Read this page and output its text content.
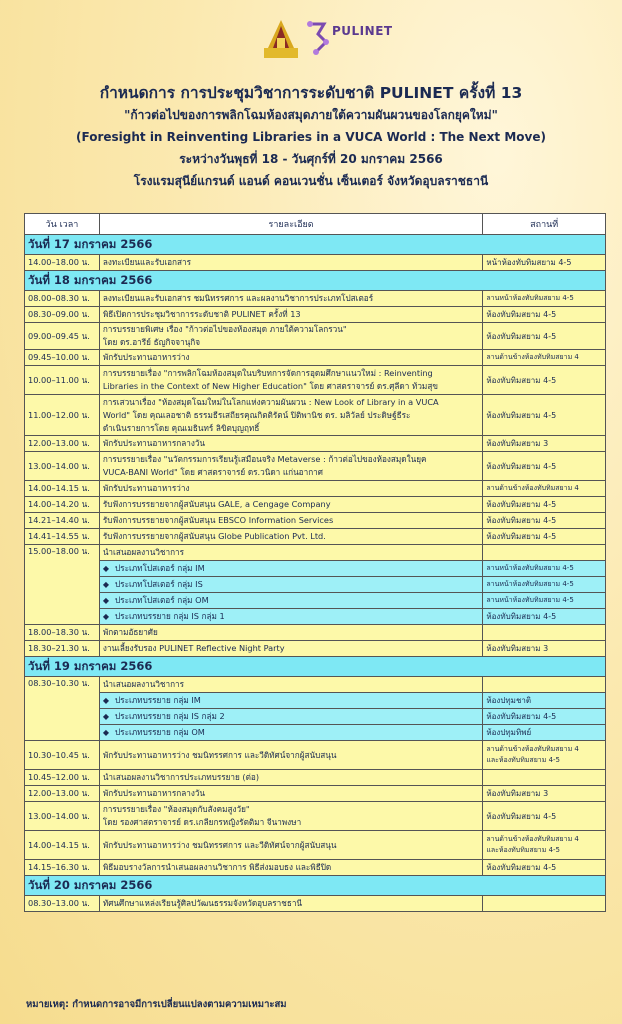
PULINET
กำหนดการ การประชุมวิชาการระดับชาติ PULINET ครั้งที่ 13
"ก้าวต่อไปของการพลิกโฉมห้องสมุดภายใต้ความผันผวนของโลกยุคใหม่"
(Foresight in Reinventing Libraries in a VUCA World : The Next Move)
ระหว่างวันพุธที่ 18 - วันศุกร์ที่ 20 มกราคม 2566
โรงแรมสุนีย์แกรนด์ แอนด์ คอนเวนชั่น เซ็นเตอร์ จังหวัดอุบลราชธานี
วัน เวลา	รายละเอียด	สถานที่
วันที่ 17 มกราคม 2566		
14.00–18.00 น.	ลงทะเบียนและรับเอกสาร	หน้าห้องทับทิมสยาม 4-5
วันที่ 18 มกราคม 2566		
08.00–08.30 น.	ลงทะเบียนและรับเอกสาร ชมนิทรรศการ และผลงานวิชาการประเภทโปสเตอร์	ลานหน้าห้องทับทิมสยาม 4-5
08.30–09.00 น.	พิธีเปิดการประชุมวิชาการระดับชาติ PULINET ครั้งที่ 13	ห้องทับทิมสยาม 4-5
09.00–09.45 น.	การบรรยายพิเศษ เรื่อง "ก้าวต่อไปของห้องสมุด ภายใต้ความโลกรวน"
โดย ดร.อารีย์ ธัญกิจจานุกิจ	ห้องทับทิมสยาม 4-5
09.45–10.00 น.	พักรับประทานอาหารว่าง	ลานด้านข้างห้องทับทิมสยาม 4
10.00–11.00 น.	การบรรยายเรื่อง "การพลิกโฉมห้องสมุดในบริบทการจัดการอุดมศึกษาแนวใหม่ : Reinventing
Libraries in the Context of New Higher Education" โดย ศาสตราจารย์ ดร.ศุลีดา ท้วมสุข	ห้องทับทิมสยาม 4-5
11.00–12.00 น.	การเสวนาเรื่อง "ห้องสมุดโฉมใหม่ในโลกแห่งความผันผวน : New Look of Library in a VUCA
World" โดย คุณเลอชาติ ธรรมธีรเสถียรคุณกิตติรัตน์ ปิติพานิช ดร. มลิวัลย์ ประดิษฐ์ธีระ
ดำเนินรายการโดย คุณเมธินทร์ ลิขิตบุญฤทธิ์	ห้องทับทิมสยาม 4-5
12.00–13.00 น.	พักรับประทานอาหารกลางวัน	ห้องทับทิมสยาม 3
13.00–14.00 น.	การบรรยายเรื่อง "นวัตกรรมการเรียนรู้เสมือนจริง Metaverse : ก้าวต่อไปของห้องสมุดในยุค
VUCA-BANI World" โดย ศาสตราจารย์ ดร.วนิดา แก่นอากาศ	ห้องทับทิมสยาม 4-5
14.00–14.15 น.	พักรับประทานอาหารว่าง	ลานด้านข้างห้องทับทิมสยาม 4
14.00–14.20 น.	รับฟังการบรรยายจากผู้สนับสนุน GALE, a Cengage Company	ห้องทับทิมสยาม 4-5
14.21–14.40 น.	รับฟังการบรรยายจากผู้สนับสนุน EBSCO Information Services	ห้องทับทิมสยาม 4-5
14.41–14.55 น.	รับฟังการบรรยายจากผู้สนับสนุน Globe Publication Pvt. Ltd.	ห้องทับทิมสยาม 4-5
15.00–18.00 น.	นำเสนอผลงานวิชาการ	
	◆ ประเภทโปสเตอร์ กลุ่ม IM	ลานหน้าห้องทับทิมสยาม 4-5
	◆ ประเภทโปสเตอร์ กลุ่ม IS	ลานหน้าห้องทับทิมสยาม 4-5
	◆ ประเภทโปสเตอร์ กลุ่ม OM	ลานหน้าห้องทับทิมสยาม 4-5
	◆ ประเภทบรรยาย กลุ่ม IS กลุ่ม 1	ห้องทับทิมสยาม 4-5
18.00–18.30 น.	พักตามอัธยาศัย	
18.30–21.30 น.	งานเลี้ยงรับรอง PULINET Reflective Night Party	ห้องทับทิมสยาม 3
วันที่ 19 มกราคม 2566		
08.30–10.30 น.	นำเสนอผลงานวิชาการ	
	◆ ประเภทบรรยาย กลุ่ม IM	ห้องปทุมชาติ
	◆ ประเภทบรรยาย กลุ่ม IS กลุ่ม 2	ห้องทับทิมสยาม 4-5
	◆ ประเภทบรรยาย กลุ่ม OM	ห้องปทุมทิพย์
10.30–10.45 น.	พักรับประทานอาหารว่าง ชมนิทรรศการ และวีดิทัศน์จากผู้สนับสนุน	ลานด้านข้างห้องทับทิมสยาม 4
และห้องทับทิมสยาม 4-5

10.45–12.00 น.	นำเสนอผลงานวิชาการประเภทบรรยาย (ต่อ)	
12.00–13.00 น.	พักรับประทานอาหารกลางวัน	ห้องทับทิมสยาม 3
13.00–14.00 น.	การบรรยายเรื่อง "ห้องสมุดกับสังคมสูงวัย"
โดย รองศาสตราจารย์ ดร.เกลียกรหญิงรัตติมา จีนาพงษา	ห้องทับทิมสยาม 4-5
14.00–14.15 น.	พักรับประทานอาหารว่าง ชมนิทรรศการ และวีดิทัศน์จากผู้สนับสนุน	ลานด้านข้างห้องทับทิมสยาม 4
และห้องทับทิมสยาม 4-5

14.15–16.30 น.	พิธีมอบรางวัลการนำเสนอผลงานวิชาการ พิธีส่งมอบธง และพิธีปิด	ห้องทับทิมสยาม 4-5
วันที่ 20 มกราคม 2566		
08.30–13.00 น.	ทัศนศึกษาแหล่งเรียนรู้ศิลปวัฒนธรรมจังหวัดอุบลราชธานี	
หมายเหตุ: กำหนดการอาจมีการเปลี่ยนแปลงตามความเหมาะสม
